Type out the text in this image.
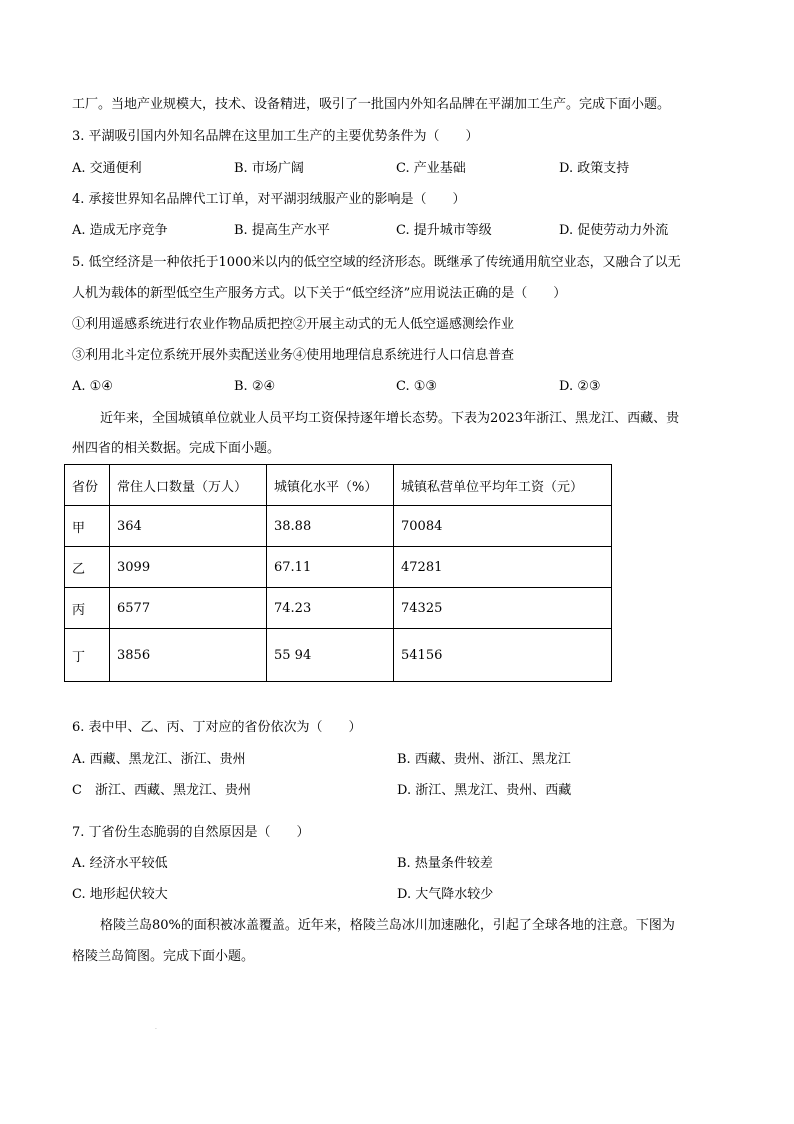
工厂。当地产业规模大，技术、设备精进，吸引了一批国内外知名品牌在平湖加工生产。完成下面小题。
3. 平湖吸引国内外知名品牌在这里加工生产的主要优势条件为（　　）
A. 交通便利	B. 市场广阔	C. 产业基础	D. 政策支持
4. 承接世界知名品牌代工订单，对平湖羽绒服产业的影响是（　　）
A. 造成无序竞争	B. 提高生产水平	C. 提升城市等级	D. 促使劳动力外流
5. 低空经济是一种依托于1000米以内的低空空域的经济形态。既继承了传统通用航空业态，又融合了以无
人机为载体的新型低空生产服务方式。以下关于“低空经济”应用说法正确的是（　　）
①利用遥感系统进行农业作物品质把控②开展主动式的无人低空遥感测绘作业
③利用北斗定位系统开展外卖配送业务④使用地理信息系统进行人口信息普查
A. ①④	B. ②④	C. ①③	D. ②③
近年来，全国城镇单位就业人员平均工资保持逐年增长态势。下表为2023年浙江、黑龙江、西藏、贵
州四省的相关数据。完成下面小题。
省份	常住人口数量（万人）	城镇化水平（%）	城镇私营单位平均年工资（元）
甲	364	38.88	70084
乙	3099	67.11	47281
丙	6577	74.23	74325
丁	3856	55 94	54156
6. 表中甲、乙、丙、丁对应的省份依次为（　　）
A. 西藏、黑龙江、浙江、贵州	B. 西藏、贵州、浙江、黑龙江
C　浙江、西藏、黑龙江、贵州	D. 浙江、黑龙江、贵州、西藏
7. 丁省份生态脆弱的自然原因是（　　）
A. 经济水平较低	B. 热量条件较差
C. 地形起伏较大	D. 大气降水较少
格陵兰岛80%的面积被冰盖覆盖。近年来，格陵兰岛冰川加速融化，引起了全球各地的注意。下图为
格陵兰岛简图。完成下面小题。
·
